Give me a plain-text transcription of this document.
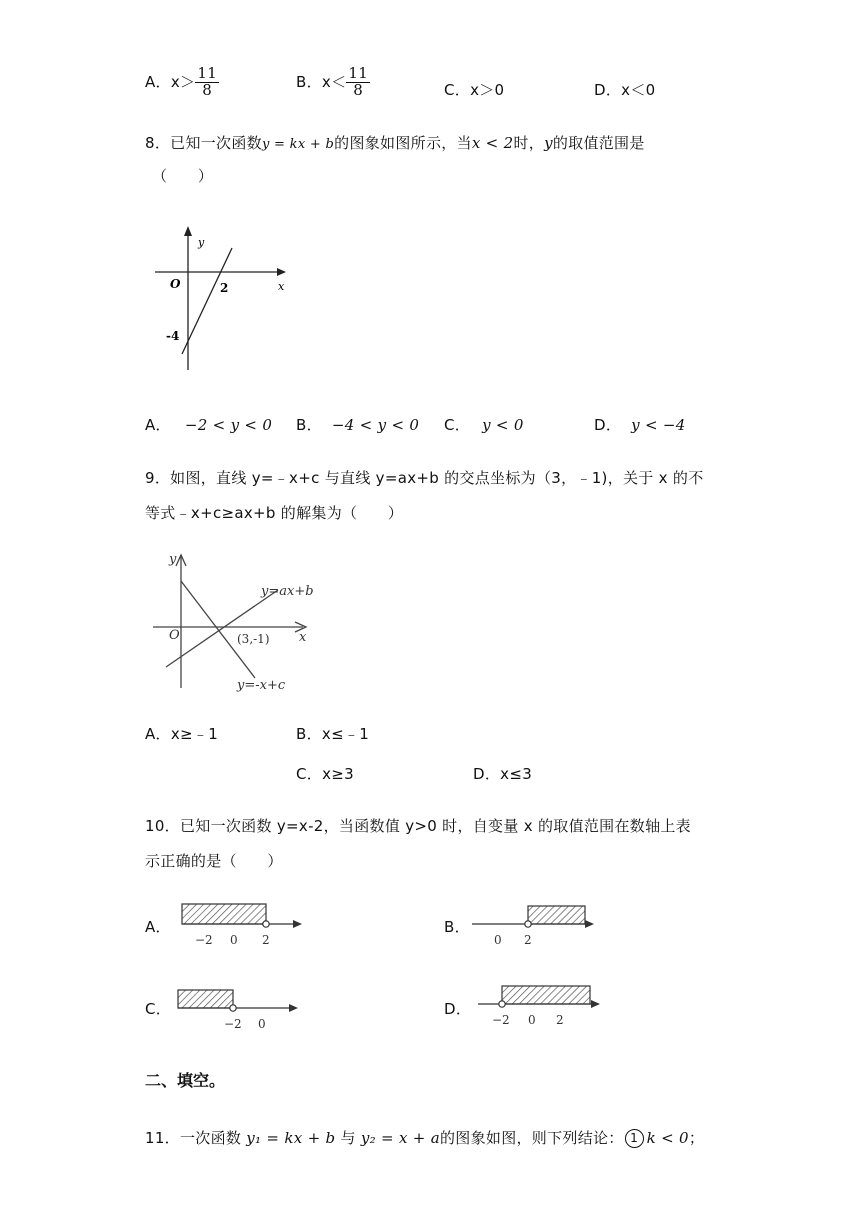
A．$x> \frac{11}{8}$	B．$x< \frac{11}{8}$	C．x＞0	D．x＜0
8．已知一次函数y = kx + b的图象如图所示，当x < 2时，y的取值范围是
（　　）
y
x
O	2
-4
A． −2 < y < 0 B． −4 < y < 0 C． y < 0	D． y < −4
9．如图，直线 y=﹣x+c 与直线 y=ax+b 的交点坐标为（3，﹣1)，关于 x 的不
等式﹣x+c≥ax+b 的解集为（　　）
y
x
O
y=ax+b
y=-x+c
(3,-1)
A．x≥﹣1	B．x≤﹣1
C．x≥3	D．x≤3
10．已知一次函数 y=x-2，当函数值 y>0 时，自变量 x 的取值范围在数轴上表
示正确的是（　　）
A．
−2 0 2
B．
0 2
C．
−2 0
D．
−2 0 2
二、填空。
11．一次函数 y₁ = kx + b 与 y₂ = x + a的图象如图，则下列结论： 1 k < 0；
